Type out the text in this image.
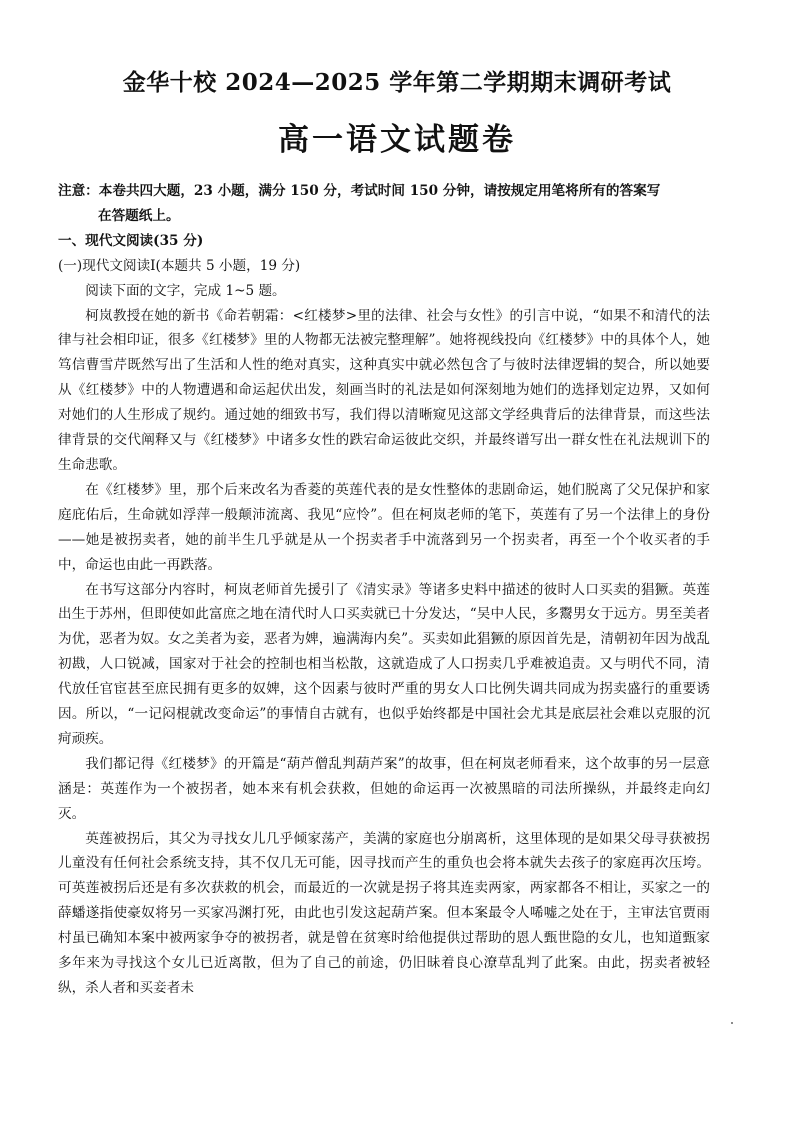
金华十校 2024—2025 学年第二学期期末调研考试
高一语文试题卷

注意：本卷共四大题，23 小题，满分 150 分，考试时间 150 分钟，请按规定用笔将所有的答案写
在答题纸上。

一、现代文阅读(35 分)

(一)现代文阅读Ⅰ(本题共 5 小题，19 分)

阅读下面的文字，完成 1~5 题。

柯岚教授在她的新书《命若朝霜：<红楼梦>里的法律、社会与女性》的引言中说，“如果不和清代的法律与社会相印证，很多《红楼梦》里的人物都无法被完整理解”。她将视线投向《红楼梦》中的具体个人，她笃信曹雪芹既然写出了生活和人性的绝对真实，这种真实中就必然包含了与彼时法律逻辑的契合，所以她要从《红楼梦》中的人物遭遇和命运起伏出发，刻画当时的礼法是如何深刻地为她们的选择划定边界，又如何对她们的人生形成了规约。通过她的细致书写，我们得以清晰窥见这部文学经典背后的法律背景，而这些法律背景的交代阐释又与《红楼梦》中诸多女性的跌宕命运彼此交织，并最终谱写出一群女性在礼法规训下的生命悲歌。

在《红楼梦》里，那个后来改名为香菱的英莲代表的是女性整体的悲剧命运，她们脱离了父兄保护和家庭庇佑后，生命就如浮萍一般颠沛流离、我见“应怜”。但在柯岚老师的笔下，英莲有了另一个法律上的身份——她是被拐卖者，她的前半生几乎就是从一个拐卖者手中流落到另一个拐卖者，再至一个个收买者的手中，命运也由此一再跌落。

在书写这部分内容时，柯岚老师首先援引了《清实录》等诸多史料中描述的彼时人口买卖的猖獗。英莲出生于苏州，但即使如此富庶之地在清代时人口买卖就已十分发达，“吴中人民，多鬻男女于远方。男至美者为优，恶者为奴。女之美者为妾，恶者为婢，遍满海内矣”。买卖如此猖獗的原因首先是，清朝初年因为战乱初戡，人口锐减，国家对于社会的控制也相当松散，这就造成了人口拐卖几乎难被追责。又与明代不同，清代放任官宦甚至庶民拥有更多的奴婢，这个因素与彼时严重的男女人口比例失调共同成为拐卖盛行的重要诱因。所以，“一记闷棍就改变命运”的事情自古就有，也似乎始终都是中国社会尤其是底层社会难以克服的沉疴顽疾。

我们都记得《红楼梦》的开篇是“葫芦僧乱判葫芦案”的故事，但在柯岚老师看来，这个故事的另一层意涵是：英莲作为一个被拐者，她本来有机会获救，但她的命运再一次被黑暗的司法所操纵，并最终走向幻灭。

英莲被拐后，其父为寻找女儿几乎倾家荡产，美满的家庭也分崩离析，这里体现的是如果父母寻获被拐儿童没有任何社会系统支持，其不仅几无可能，因寻找而产生的重负也会将本就失去孩子的家庭再次压垮。可英莲被拐后还是有多次获救的机会，而最近的一次就是拐子将其连卖两家，两家都各不相让，买家之一的薛蟠遂指使豪奴将另一买家冯渊打死，由此也引发这起葫芦案。但本案最令人唏嘘之处在于，主审法官贾雨村虽已确知本案中被两家争夺的被拐者，就是曾在贫寒时给他提供过帮助的恩人甄世隐的女儿，也知道甄家多年来为寻找这个女儿已近离散，但为了自己的前途，仍旧昧着良心潦草乱判了此案。由此，拐卖者被轻纵，杀人者和买妾者未
